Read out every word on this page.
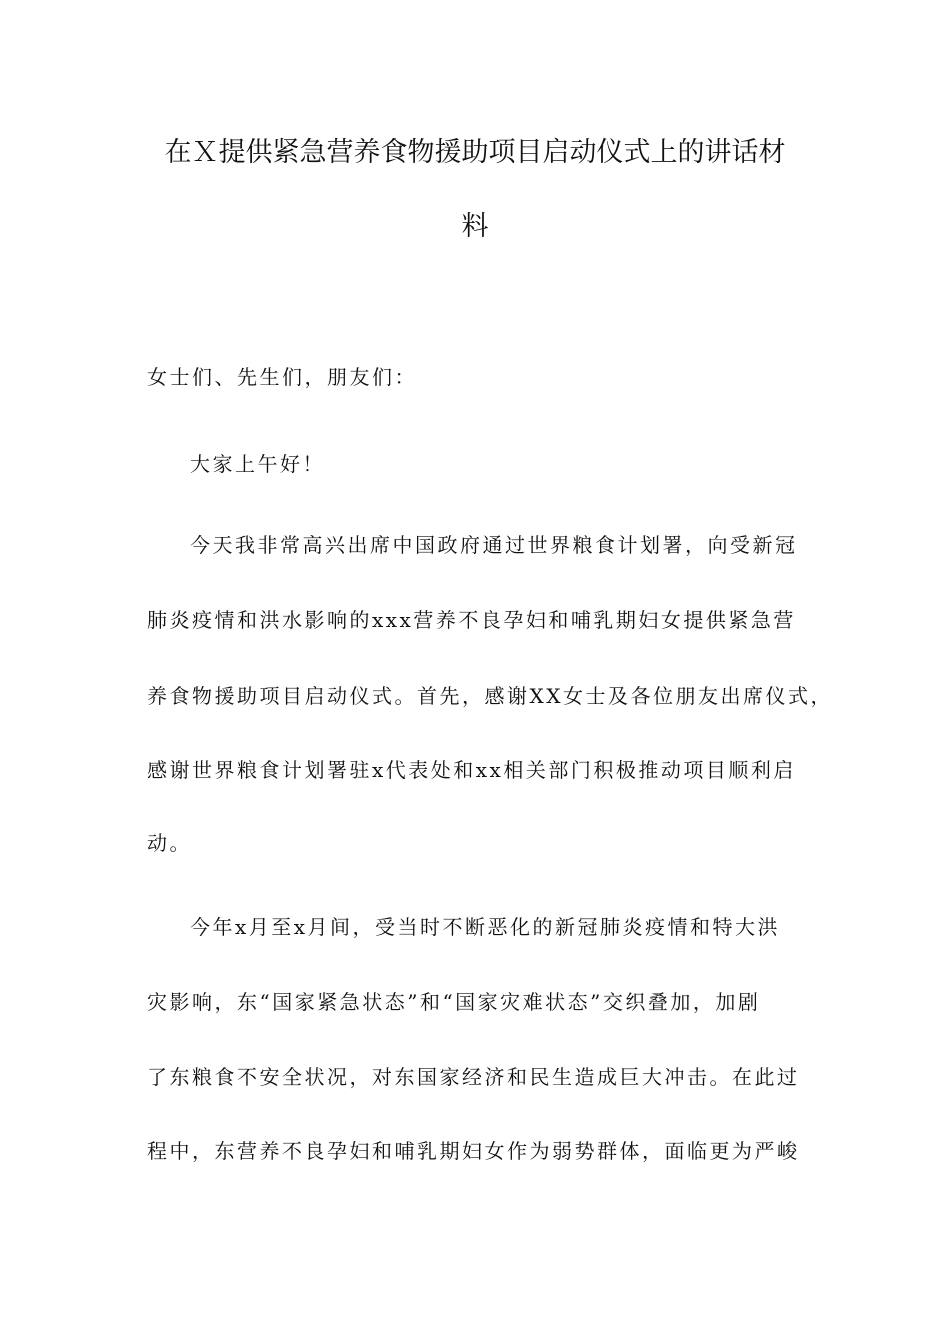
在Ｘ提供紧急营养食物援助项目启动仪式上的讲话材
料
女士们、先生们，朋友们：
大家上午好！
今天我非常高兴出席中国政府通过世界粮食计划署，向受新冠
肺炎疫情和洪水影响的xxx营养不良孕妇和哺乳期妇女提供紧急营
养食物援助项目启动仪式。首先，感谢XX女士及各位朋友出席仪式，
感谢世界粮食计划署驻x代表处和xx相关部门积极推动项目顺利启
动。
今年x月至x月间，受当时不断恶化的新冠肺炎疫情和特大洪
灾影响，东“国家紧急状态”和“国家灾难状态”交织叠加，加剧
了东粮食不安全状况，对东国家经济和民生造成巨大冲击。在此过
程中，东营养不良孕妇和哺乳期妇女作为弱势群体，面临更为严峻
